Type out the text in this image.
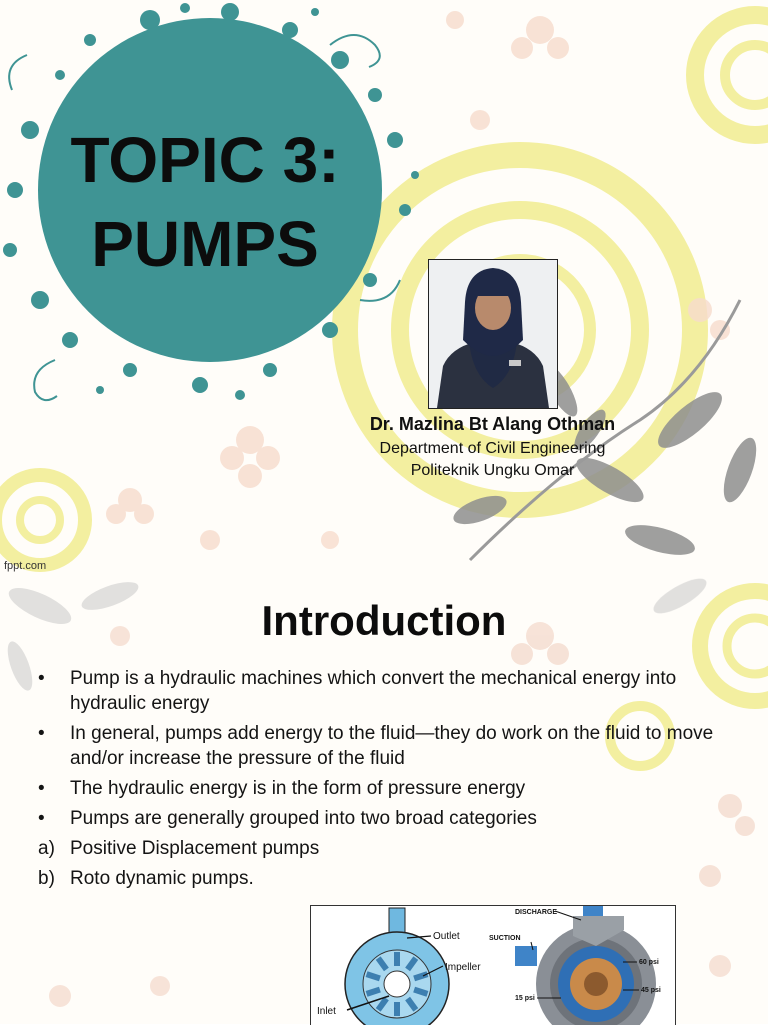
TOPIC 3:
PUMPS
Dr. Mazlina Bt Alang Othman
Department of Civil Engineering
Politeknik Ungku Omar
fppt.com
Introduction
•	Pump is a hydraulic machines which convert the mechanical energy into hydraulic energy
•	In general, pumps add energy to the fluid—they do work on the fluid to move and/or increase the pressure of the fluid
•	The hydraulic energy is in the form of pressure energy
•	Pumps are generally grouped into two broad categories
a) Positive Displacement pumps
b) Roto dynamic pumps.
Outlet
Impeller
Inlet
DISCHARGE
SUCTION
60 psi
45 psi
15 psi
